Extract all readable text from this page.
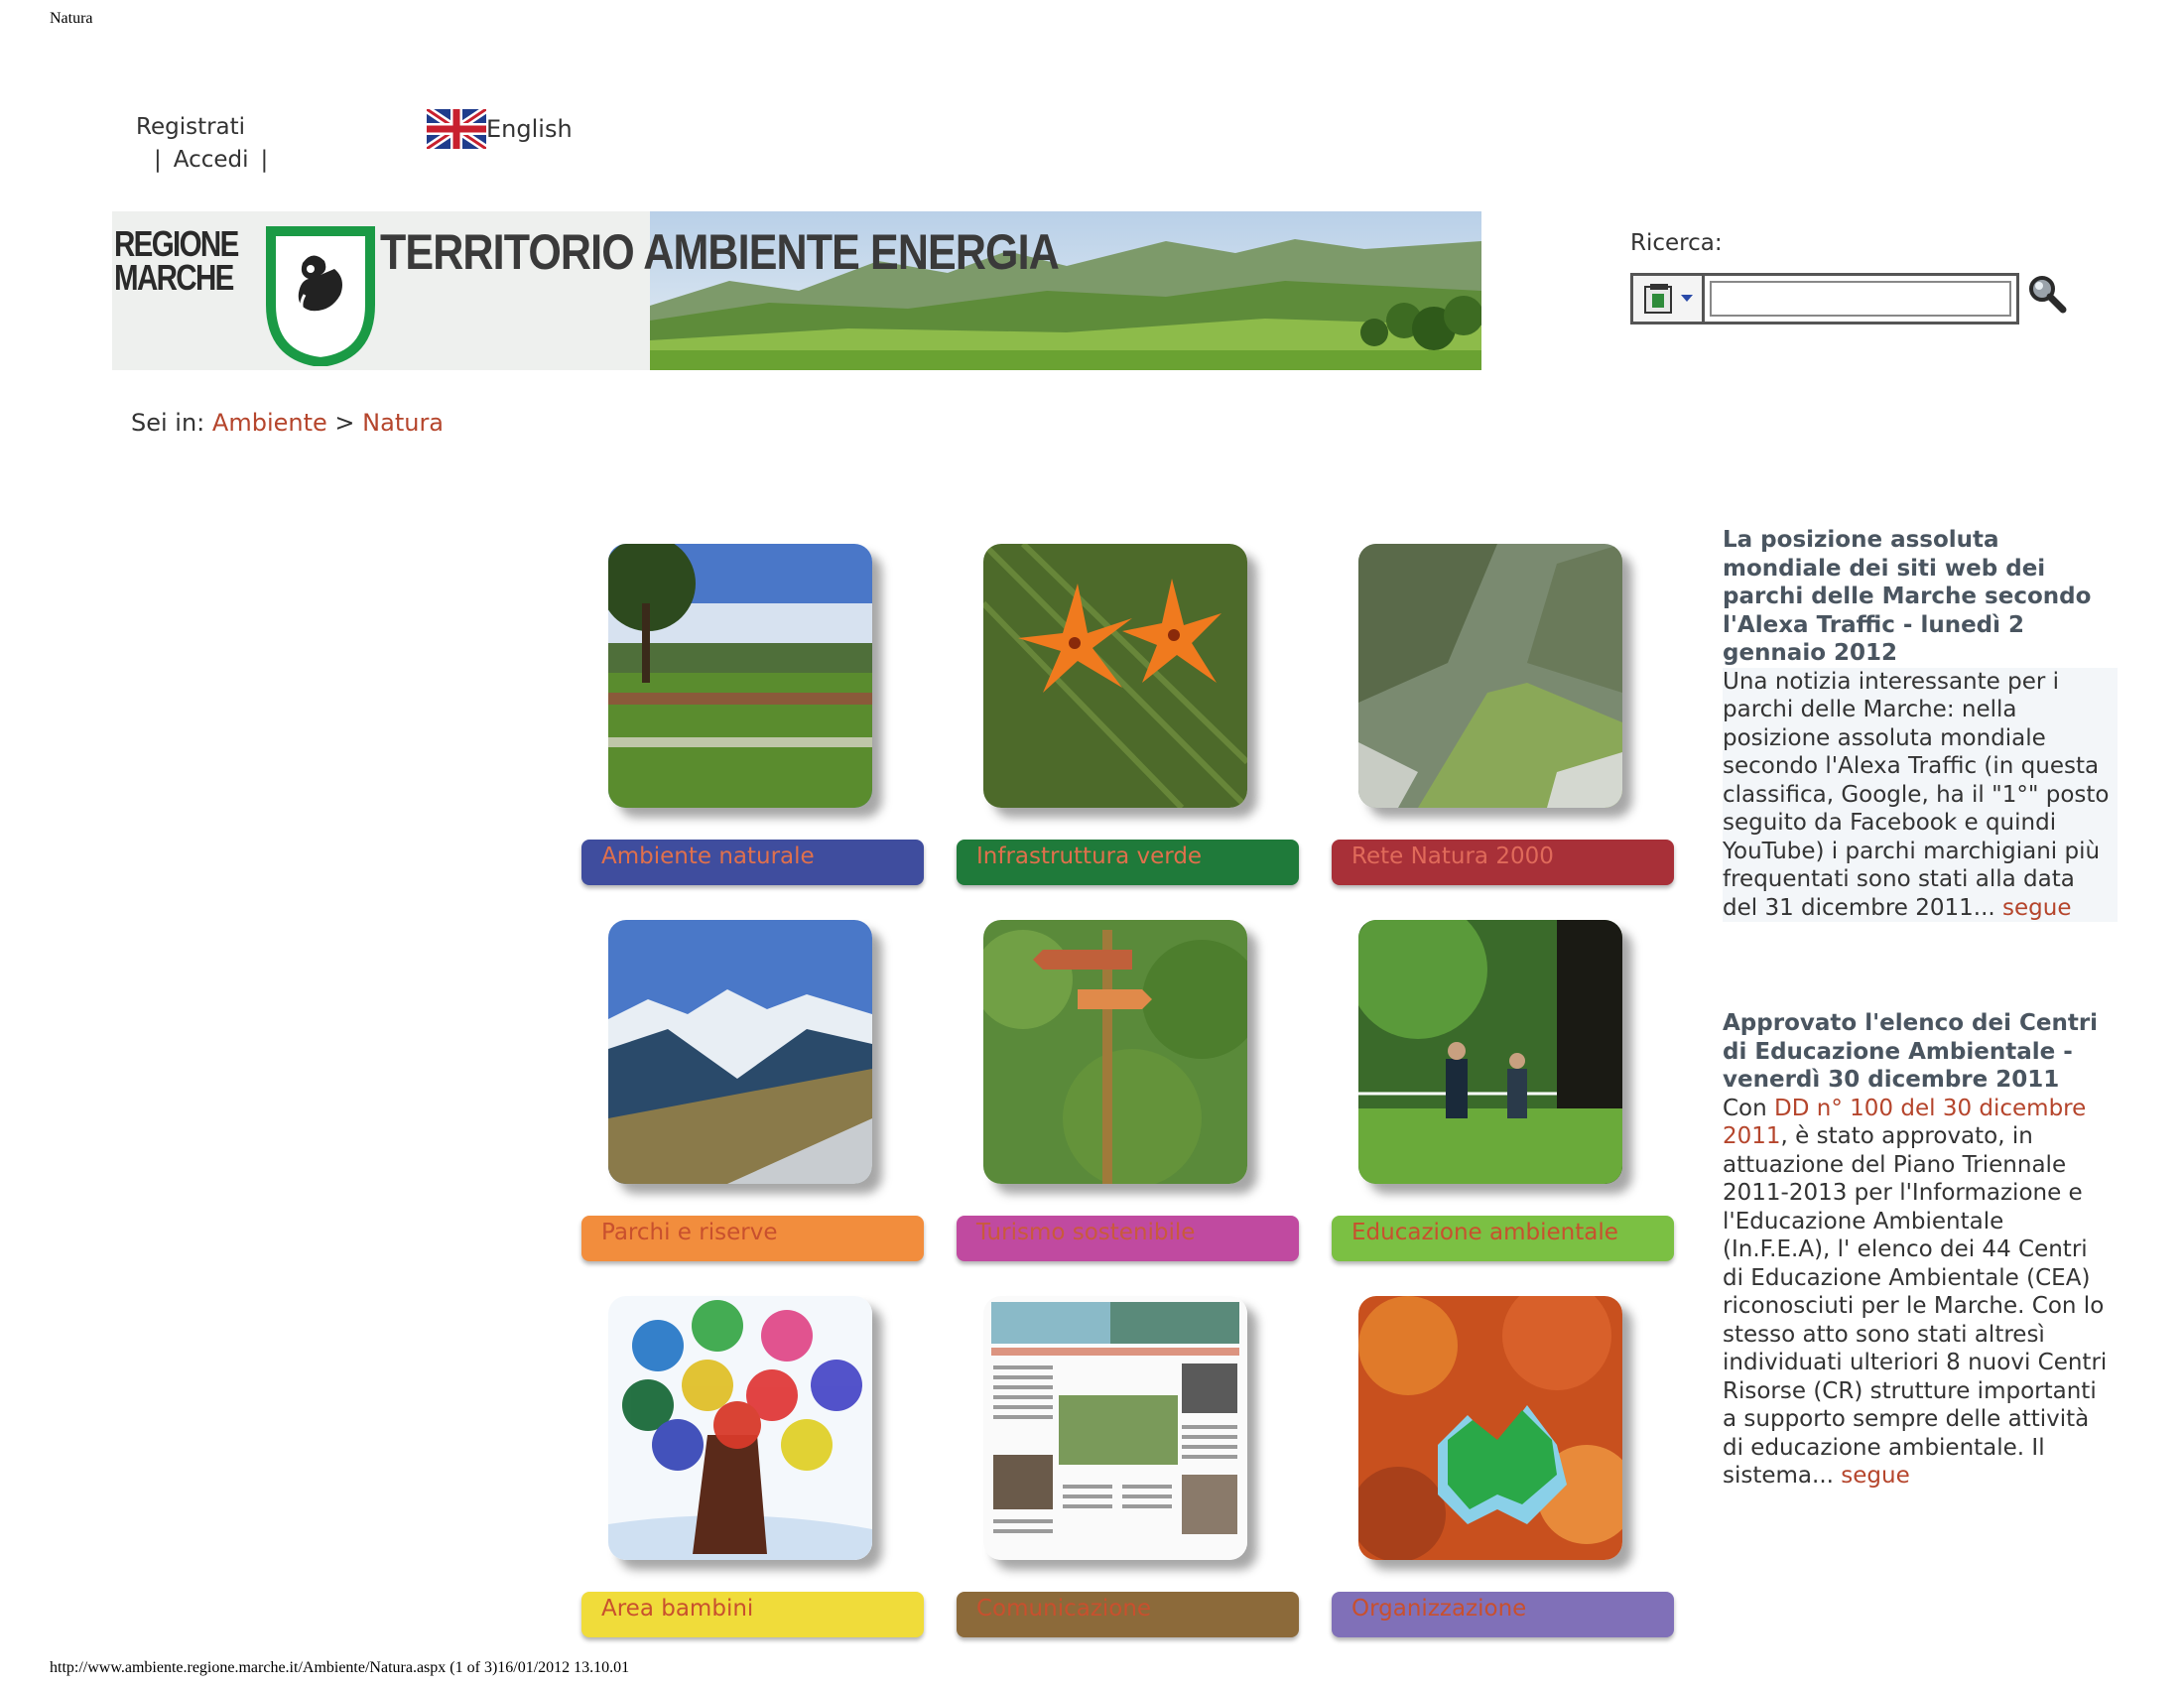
Natura
Registrati
| Accedi |
English
REGIONE
MARCHE	TERRITORIO AMBIENTE ENERGIA	Ricerca:
Sei in: Ambiente > Natura
Ambiente naturale	Infrastruttura verde	Rete Natura 2000
Parchi e riserve	Turismo sostenibile	Educazione ambientale
Area bambini	Comunicazione	Organizzazione
La posizione assoluta mondiale dei siti web dei parchi delle Marche secondo l'Alexa Traffic - lunedì 2 gennaio 2012
Una notizia interessante per i parchi delle Marche: nella posizione assoluta mondiale secondo l'Alexa Traffic (in questa classifica, Google, ha il "1°" posto seguito da Facebook e quindi YouTube) i parchi marchigiani più frequentati sono stati alla data del 31 dicembre 2011... segue
Approvato l'elenco dei Centri di Educazione Ambientale - venerdì 30 dicembre 2011
Con DD n° 100 del 30 dicembre 2011, è stato approvato, in attuazione del Piano Triennale 2011-2013 per l'Informazione e l'Educazione Ambientale (In.F.E.A), l' elenco dei 44 Centri di Educazione Ambientale (CEA) riconosciuti per le Marche. Con lo stesso atto sono stati altresì individuati ulteriori 8 nuovi Centri Risorse (CR) strutture importanti a supporto sempre delle attività di educazione ambientale. Il sistema... segue
http://www.ambiente.regione.marche.it/Ambiente/Natura.aspx (1 of 3)16/01/2012 13.10.01
